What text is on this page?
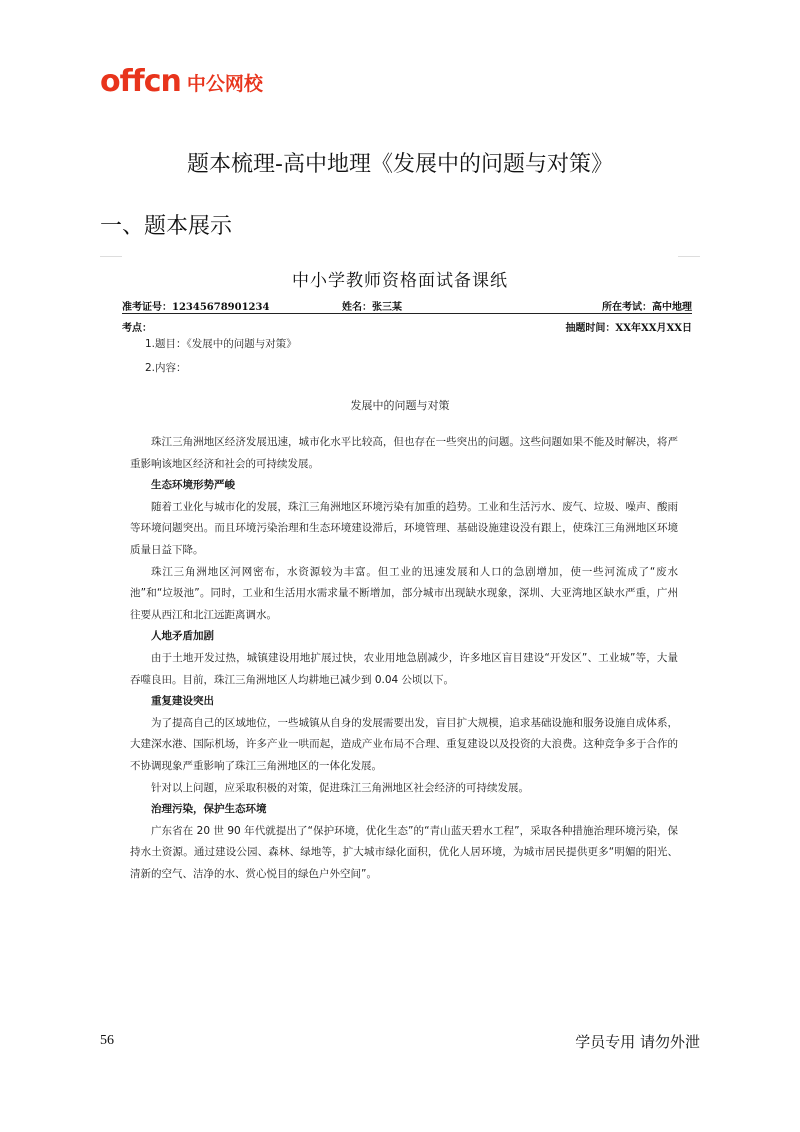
offcn 中公网校
题本梳理-高中地理《发展中的问题与对策》
一、题本展示
中小学教师资格面试备课纸
准考证号：12345678901234	姓名：张三某	所在考试：高中地理
考点：	抽题时间：XX年XX月XX日
1.题目：《发展中的问题与对策》
2.内容：
发展中的问题与对策

珠江三角洲地区经济发展迅速，城市化水平比较高，但也存在一些突出的问题。这些问题如果不能及时解决，将严重影响该地区经济和社会的可持续发展。

生态环境形势严峻

随着工业化与城市化的发展，珠江三角洲地区环境污染有加重的趋势。工业和生活污水、废气、垃圾、噪声、酸雨等环境问题突出。而且环境污染治理和生态环境建设滞后，环境管理、基础设施建设没有跟上，使珠江三角洲地区环境质量日益下降。

珠江三角洲地区河网密布，水资源较为丰富。但工业的迅速发展和人口的急剧增加，使一些河流成了“废水池”和“垃圾池”。同时，工业和生活用水需求量不断增加，部分城市出现缺水现象，深圳、大亚湾地区缺水严重，广州往要从西江和北江远距离调水。

人地矛盾加剧

由于土地开发过热，城镇建设用地扩展过快，农业用地急剧减少，许多地区盲目建设“开发区”、工业城”等，大量吞噬良田。目前，珠江三角洲地区人均耕地已减少到 0.04 公顷以下。

重复建设突出

为了提高自己的区域地位，一些城镇从自身的发展需要出发，盲目扩大规模，追求基础设施和服务设施自成体系，大建深水港、国际机场，许多产业一哄而起，造成产业布局不合理、重复建设以及投资的大浪费。这种竞争多于合作的不协调现象严重影响了珠江三角洲地区的一体化发展。

针对以上问题，应采取积极的对策，促进珠江三角洲地区社会经济的可持续发展。

治理污染，保护生态环境

广东省在 20 世 90 年代就提出了“保护环境，优化生态”的“青山蓝天碧水工程”，采取各种措施治理环境污染，保持水土资源。通过建设公园、森林、绿地等，扩大城市绿化面积，优化人居环境，为城市居民提供更多“明媚的阳光、清新的空气、洁净的水、赏心悦目的绿色户外空间”。

56	学员专用 请勿外泄
